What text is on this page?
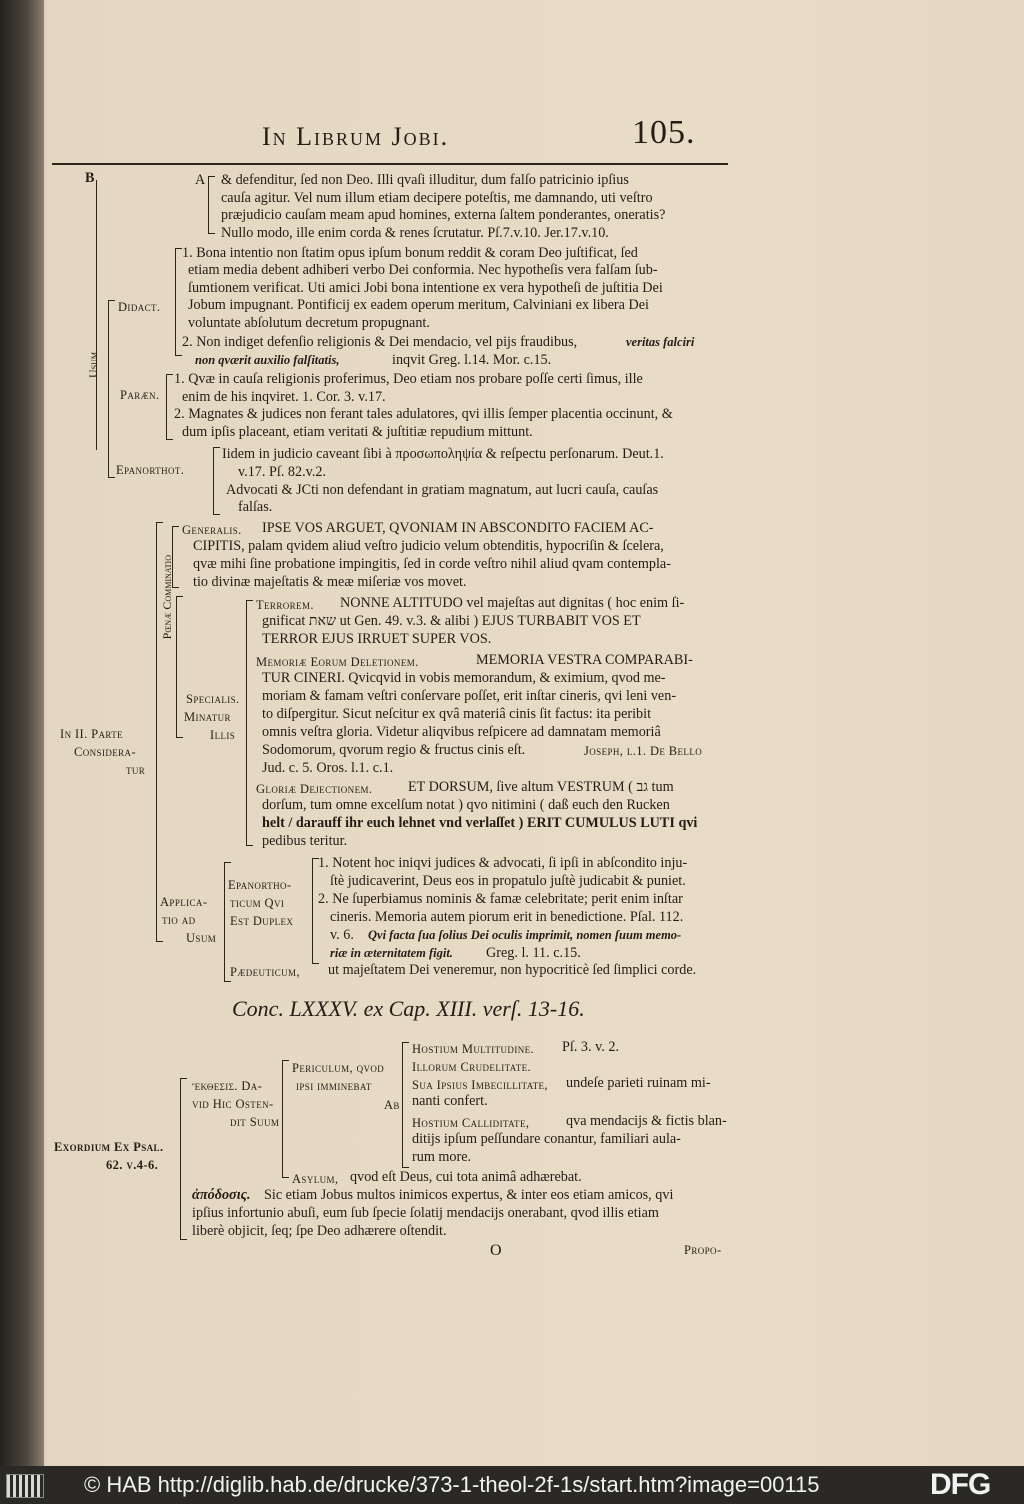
In Librum Jobi.	105.
B	A & defenditur, ſed non Deo. Illi qvaſi illuditur, dum falſo patricinio ipſius
cauſa agitur. Vel num illum etiam decipere poteſtis, me damnando, uti veſtro
præjudicio cauſam meam apud homines, externa ſaltem ponderantes, oneratis?
Nullo modo, ille enim corda & renes ſcrutatur. Pſ.7.v.10. Jer.17.v.10.
Usum
Didact.
1. Bona intentio non ſtatim opus ipſum bonum reddit & coram Deo juſtificat, ſed
etiam media debent adhiberi verbo Dei conformia. Nec hypotheſis vera falſam ſub-
ſumtionem verificat. Uti amici Jobi bona intentione ex vera hypotheſi de juſtitia Dei
Jobum impugnant. Pontificij ex eadem operum meritum, Calviniani ex libera Dei
voluntate abſolutum decretum propugnant.
2. Non indiget defenſio religionis & Dei mendacio, vel pijs fraudibus,	veritas falciri
non qværit auxilio falſitatis,	inqvit Greg. l.14. Mor. c.15.
Paræn.
1. Qvæ in cauſa religionis proferimus, Deo etiam nos probare poſſe certi ſimus, ille
enim de his inqviret. 1. Cor. 3. v.17.
2. Magnates & judices non ferant tales adulatores, qvi illis ſemper placentia occinunt, &
dum ipſis placeant, etiam veritati & juſtitiæ repudium mittunt.
Epanorthot.
Iidem in judicio caveant ſibi à προσωποληψία & reſpectu perſonarum. Deut.1.
v.17. Pſ. 82.v.2.
Advocati & JCti non defendant in gratiam magnatum, aut lucri cauſa, cauſas
falſas.
In II. Parte
Considera-
tur
Generalis. IPSE VOS ARGUET, QVONIAM IN ABSCONDITO FACIEM AC-
CIPITIS, palam qvidem aliud veſtro judicio velum obtenditis, hypocriſin & ſcelera,
qvæ mihi ſine probatione impingitis, ſed in corde veſtro nihil aliud qvam contempla-
tio divinæ majeſtatis & meæ miſeriæ vos movet.
Pœnæ Comminatio
Specialis.
Minatur
Illis
Terrorem. NONNE ALTITUDO vel majeſtas aut dignitas ( hoc enim ſi-
gnificat שאת ut Gen. 49. v.3. & alibi ) EJUS TURBABIT VOS ET
TERROR EJUS IRRUET SUPER VOS.
Memoriæ Eorum Deletionem.	MEMORIA VESTRA COMPARABI-
TUR CINERI. Qvicqvid in vobis memorandum, & eximium, qvod me-
moriam & famam veſtri conſervare poſſet, erit inſtar cineris, qvi leni ven-
to diſpergitur. Sicut neſcitur ex qvâ materiâ cinis ſit factus: ita peribit
omnis veſtra gloria. Videtur aliqvibus reſpicere ad damnatam memoriâ
Sodomorum, qvorum regio & fructus cinis eſt.	Joseph, l.1. De Bello
Jud. c. 5. Oros. l.1. c.1.
Gloriæ Dejectionem.	ET DORSUM, ſive altum VESTRUM ( גב tum
dorſum, tum omne excelſum notat ) qvo nitimini ( daß euch den Rucken
helt / darauff ihr euch lehnet vnd verlaſſet ) ERIT CUMULUS LUTI qvi
pedibus teritur.
Applica-
tio ad
Usum
Epanortho-
ticum Qvi
Est Duplex
1. Notent hoc iniqvi judices & advocati, ſi ipſi in abſcondito inju-
ſtè judicaverint, Deus eos in propatulo juſtè judicabit & puniet.
2. Ne ſuperbiamus nominis & famæ celebritate; perit enim inſtar
cineris. Memoria autem piorum erit in benedictione. Pſal. 112.
v. 6. Qvi facta ſua ſolius Dei oculis imprimit, nomen ſuum memo-
riæ in æternitatem figit. Greg. l. 11. c.15.
Pædeuticum, ut majeſtatem Dei veneremur, non hypocriticè ſed ſimplici corde.
Conc. LXXXV. ex Cap. XIII. verſ. 13-16.
Exordium Ex Psal.
62. v.4-6.
ἔκθεσις. Da-
vid Hic Osten-
dit Suum
Periculum, qvod
ipſi imminebat
Ab
Hostium Multitudine. Pſ. 3. v. 2.
Illorum Crudelitate.
Sua Ipsius Imbecillitate, undeſe parieti ruinam mi-
nanti confert.
Hostium Calliditate,	qva mendacijs & fictis blan-
ditijs ipſum peſſundare conantur, familiari aula-
rum more.
Asylum, qvod eſt Deus, cui tota animâ adhærebat.
ἀπόδοσις. Sic etiam Jobus multos inimicos expertus, & inter eos etiam amicos, qvi
ipſius infortunio abuſi, eum ſub ſpecie ſolatij mendacijs onerabant, qvod illis etiam
liberè objicit, ſeq; ſpe Deo adhærere oſtendit.
O	Propo-
© HAB http://diglib.hab.de/drucke/373-1-theol-2f-1s/start.htm?image=00115	DFG
